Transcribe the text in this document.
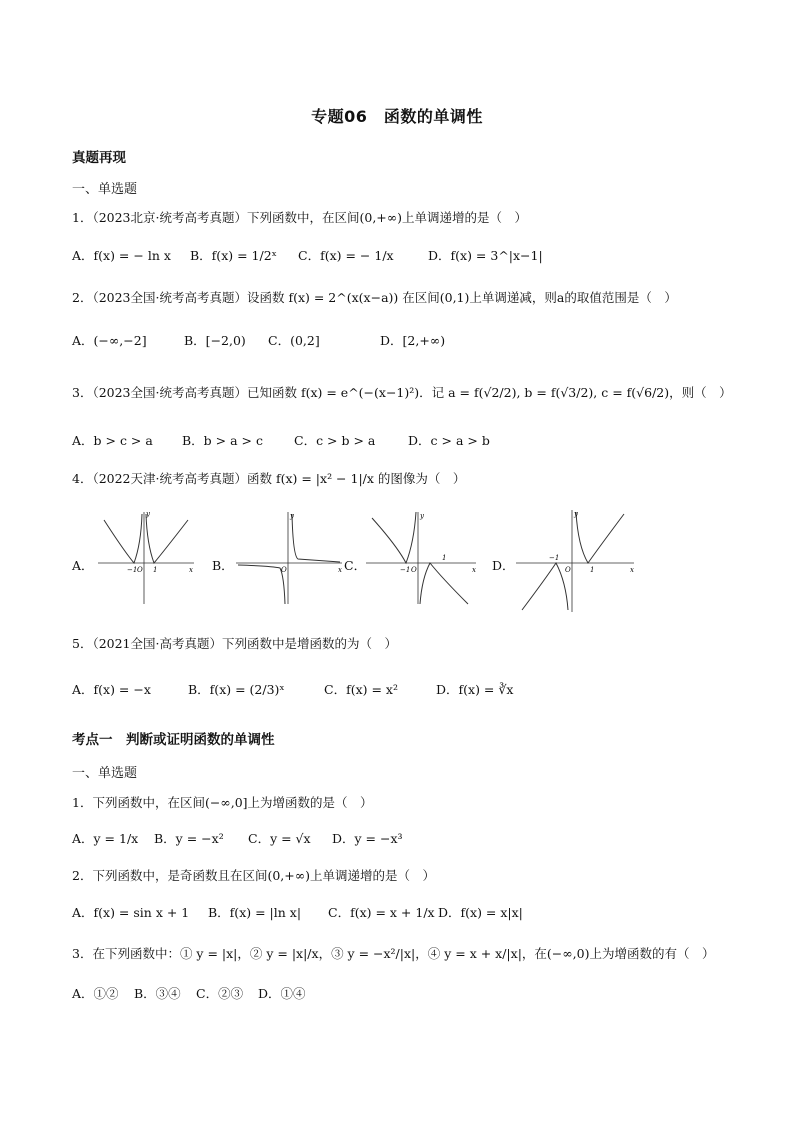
专题06　函数的单调性
真题再现
一、单选题
1．（2023北京·统考高考真题）下列函数中，在区间(0,+∞)上单调递增的是（　）
A．f(x) = − ln x B．f(x) = 1/2ˣ C．f(x) = − 1/x	D．f(x) = 3^|x−1|
2．（2023全国·统考高考真题）设函数 f(x) = 2^(x(x−a)) 在区间(0,1)上单调递减，则a的取值范围是（　）
A．(−∞,−2]	B．[−2,0) C．(0,2]	D．[2,+∞)
3．（2023全国·统考高考真题）已知函数 f(x) = e^(−(x−1)²)．记 a = f(√2/2), b = f(√3/2), c = f(√6/2)，则（　）
A．b > c > a B．b > a > c C．c > b > a	D．c > a > b
4．（2022天津·统考高考真题）函数 f(x) = |x² − 1|/x 的图像为（　）
A．
y
x
O
−1 1	B．
y
x
O	C．
y
x
O
−1
1	D．
y
x
O
−1
1
5．（2021全国·高考真题）下列函数中是增函数的为（　）
A．f(x) = −x	B．f(x) = (2/3)ˣ	C．f(x) = x²	D．f(x) = ∛x
考点一　判断或证明函数的单调性
一、单选题
1．下列函数中，在区间(−∞,0]上为增函数的是（　）
A．y = 1/x B．y = −x² C．y = √x D．y = −x³
2．下列函数中，是奇函数且在区间(0,+∞)上单调递增的是（　）
A．f(x) = sin x + 1 B．f(x) = |ln x| C．f(x) = x + 1/x D．f(x) = x|x|
3．在下列函数中：① y = |x|，② y = |x|/x，③ y = −x²/|x|，④ y = x + x/|x|，在(−∞,0)上为增函数的有（　）
A．①② B．③④ C．②③ D．①④
